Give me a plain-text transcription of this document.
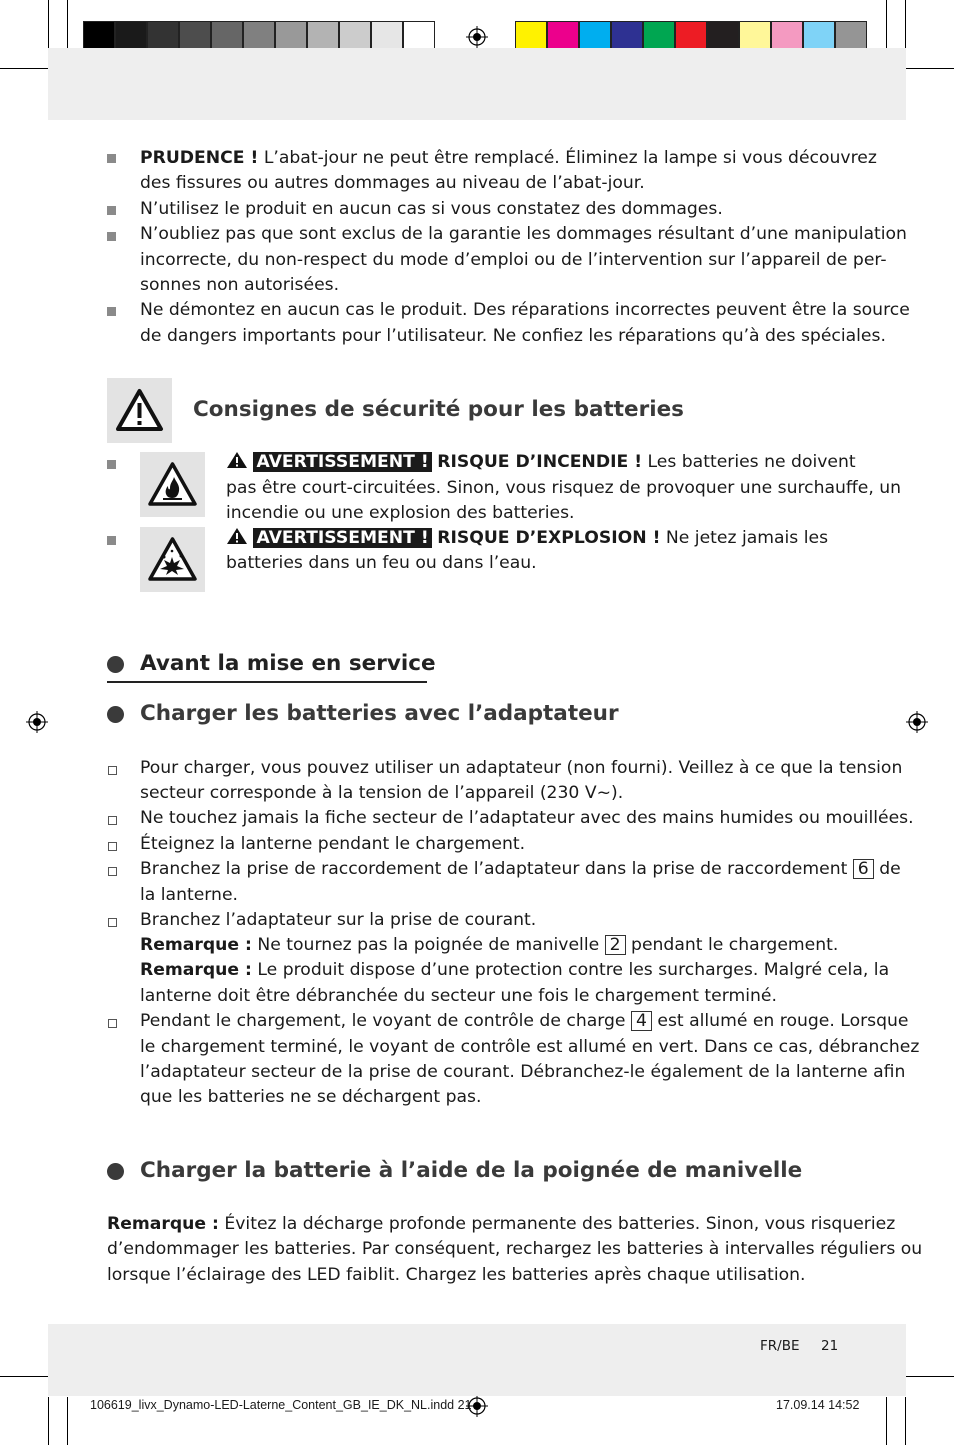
PRUDENCE ! L’abat-jour ne peut être remplacé. Éliminez la lampe si vous découvrez
des fissures ou autres dommages au niveau de l’abat-jour.
N’utilisez le produit en aucun cas si vous constatez des dommages.
N’oubliez pas que sont exclus de la garantie les dommages résultant d’une manipulation
incorrecte, du non-respect du mode d’emploi ou de l’intervention sur l’appareil de per-
sonnes non autorisées.
Ne démontez en aucun cas le produit. Des réparations incorrectes peuvent être la source
de dangers importants pour l’utilisateur. Ne confiez les réparations qu’à des spéciales.
Consignes de sécurité pour les batteries
AVERTISSEMENT ! RISQUE D’INCENDIE ! Les batteries ne doivent
pas être court-circuitées. Sinon, vous risquez de provoquer une surchauffe, un
incendie ou une explosion des batteries.
AVERTISSEMENT ! RISQUE D’EXPLOSION ! Ne jetez jamais les
batteries dans un feu ou dans l’eau.
Avant la mise en service
Charger les batteries avec l’adaptateur
Pour charger, vous pouvez utiliser un adaptateur (non fourni). Veillez à ce que la tension
secteur corresponde à la tension de l’appareil (230 V~).
Ne touchez jamais la fiche secteur de l’adaptateur avec des mains humides ou mouillées.
Éteignez la lanterne pendant le chargement.
Branchez la prise de raccordement de l’adaptateur dans la prise de raccordement 6 de
la lanterne.
Branchez l’adaptateur sur la prise de courant.
Remarque : Ne tournez pas la poignée de manivelle 2 pendant le chargement.
Remarque : Le produit dispose d’une protection contre les surcharges. Malgré cela, la
lanterne doit être débranchée du secteur une fois le chargement terminé.
Pendant le chargement, le voyant de contrôle de charge 4 est allumé en rouge. Lorsque
le chargement terminé, le voyant de contrôle est allumé en vert. Dans ce cas, débranchez
l’adaptateur secteur de la prise de courant. Débranchez-le également de la lanterne afin
que les batteries ne se déchargent pas.
Charger la batterie à l’aide de la poignée de manivelle
Remarque : Évitez la décharge profonde permanente des batteries. Sinon, vous risqueriez
d’endommager les batteries. Par conséquent, rechargez les batteries à intervalles réguliers ou
lorsque l’éclairage des LED faiblit. Chargez les batteries après chaque utilisation.
FR/BE 21
106619_livx_Dynamo-LED-Laterne_Content_GB_IE_DK_NL.indd 21	17.09.14 14:52
